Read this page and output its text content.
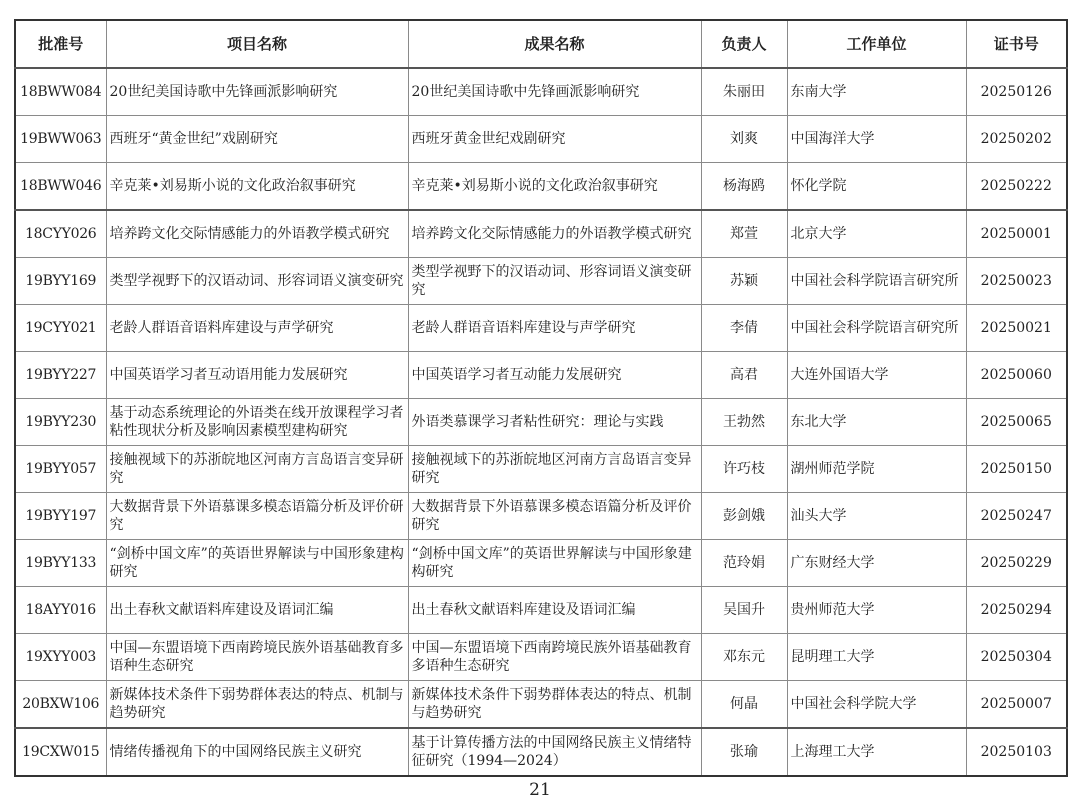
批准号	项目名称	成果名称	负责人	工作单位	证书号
18BWW084	20世纪美国诗歌中先锋画派影响研究	20世纪美国诗歌中先锋画派影响研究	朱丽田	东南大学	20250126
19BWW063	西班牙“黄金世纪”戏剧研究	西班牙黄金世纪戏剧研究	刘爽	中国海洋大学	20250202
18BWW046	辛克莱•刘易斯小说的文化政治叙事研究	辛克莱•刘易斯小说的文化政治叙事研究	杨海鸥	怀化学院	20250222
18CYY026	培养跨文化交际情感能力的外语教学模式研究	培养跨文化交际情感能力的外语教学模式研究	郑萱	北京大学	20250001
19BYY169	类型学视野下的汉语动词、形容词语义演变研究	类型学视野下的汉语动词、形容词语义演变研究	苏颖	中国社会科学院语言研究所	20250023
19CYY021	老龄人群语音语料库建设与声学研究	老龄人群语音语料库建设与声学研究	李倩	中国社会科学院语言研究所	20250021
19BYY227	中国英语学习者互动语用能力发展研究	中国英语学习者互动能力发展研究	高君	大连外国语大学	20250060
19BYY230	基于动态系统理论的外语类在线开放课程学习者粘性现状分析及影响因素模型建构研究	外语类慕课学习者粘性研究：理论与实践	王勃然	东北大学	20250065
19BYY057	接触视域下的苏浙皖地区河南方言岛语言变异研究	接触视域下的苏浙皖地区河南方言岛语言变异研究	许巧枝	湖州师范学院	20250150
19BYY197	大数据背景下外语慕课多模态语篇分析及评价研究	大数据背景下外语慕课多模态语篇分析及评价研究	彭剑娥	汕头大学	20250247
19BYY133	“剑桥中国文库”的英语世界解读与中国形象建构研究	“剑桥中国文库”的英语世界解读与中国形象建构研究	范玲娟	广东财经大学	20250229
18AYY016	出土春秋文献语料库建设及语词汇编	出土春秋文献语料库建设及语词汇编	吴国升	贵州师范大学	20250294
19XYY003	中国—东盟语境下西南跨境民族外语基础教育多语种生态研究	中国—东盟语境下西南跨境民族外语基础教育多语种生态研究	邓东元	昆明理工大学	20250304
20BXW106	新媒体技术条件下弱势群体表达的特点、机制与趋势研究	新媒体技术条件下弱势群体表达的特点、机制与趋势研究	何晶	中国社会科学院大学	20250007
19CXW015	情绪传播视角下的中国网络民族主义研究	基于计算传播方法的中国网络民族主义情绪特征研究（1994—2024）	张瑜	上海理工大学	20250103
21
